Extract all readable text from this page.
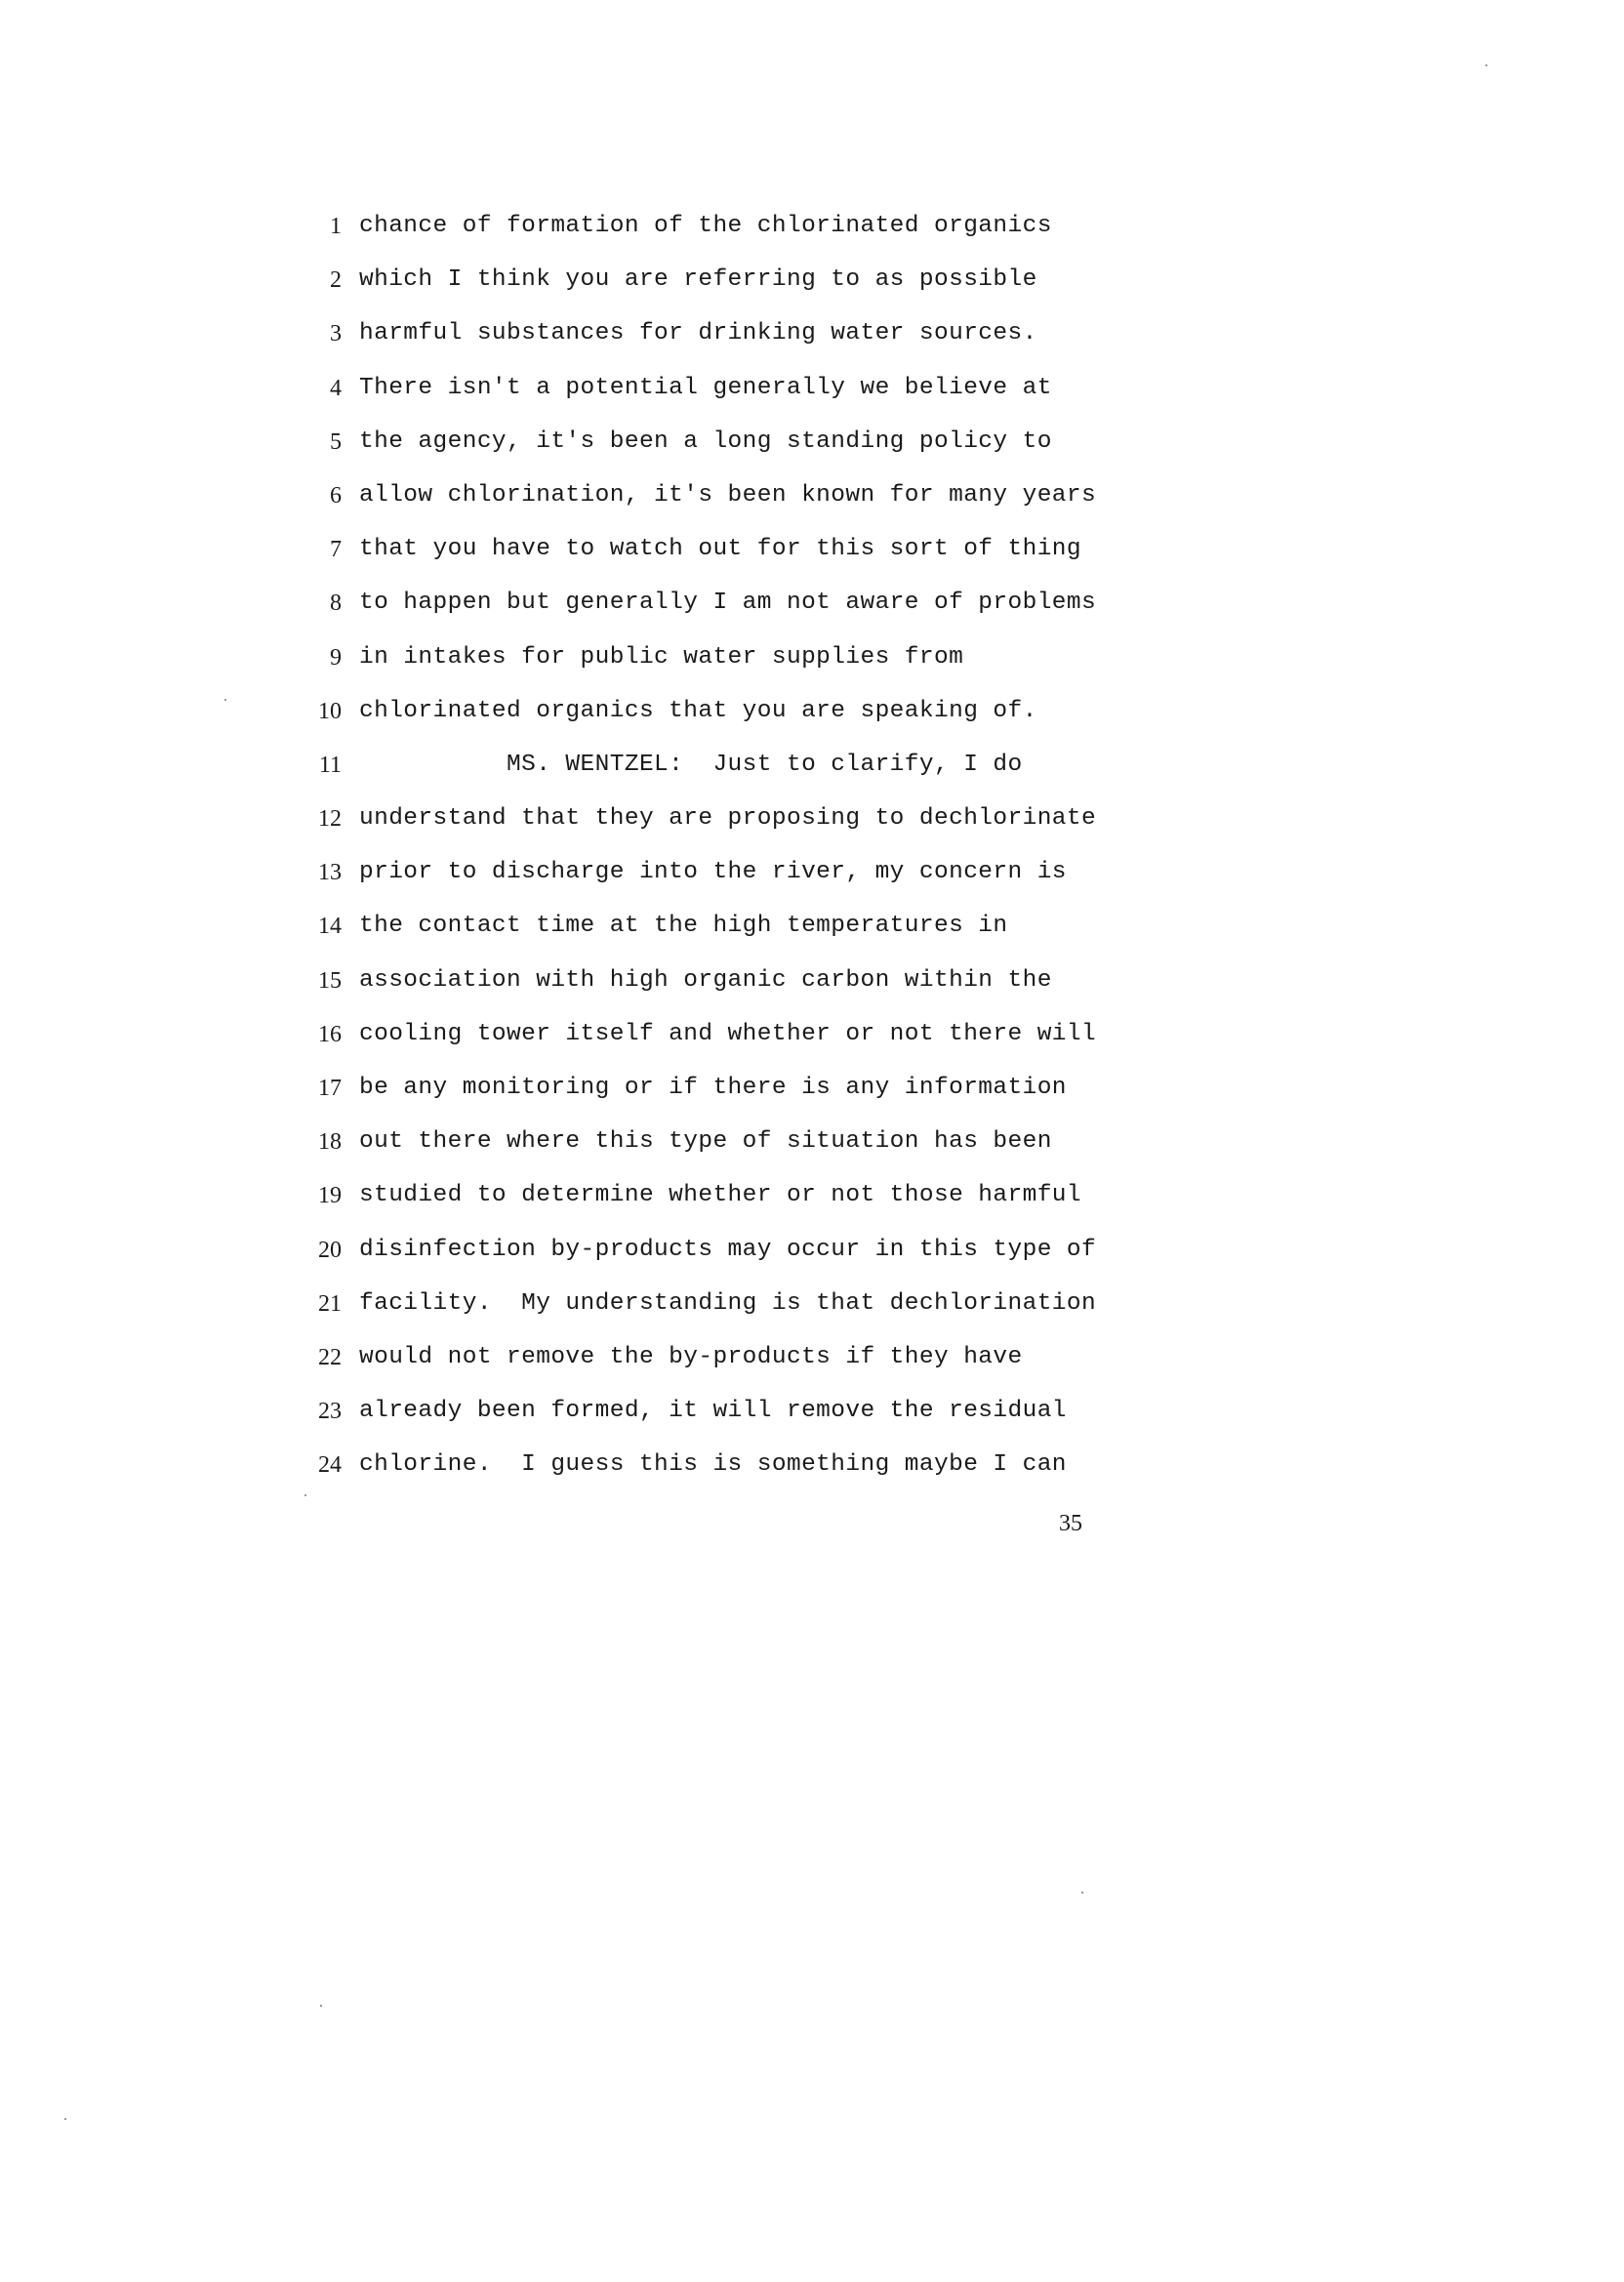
1

chance of formation of the chlorinated organics

2

which I think you are referring to as possible

3

harmful substances for drinking water sources.

4

There isn't a potential generally we believe at

5

the agency, it's been a long standing policy to

6

allow chlorination, it's been known for many years

7

that you have to watch out for this sort of thing

8

to happen but generally I am not aware of problems

9

in intakes for public water supplies from

10

chlorinated organics that you are speaking of.

11

MS. WENTZEL:  Just to clarify, I do

12

understand that they are proposing to dechlorinate

13

prior to discharge into the river, my concern is

14

the contact time at the high temperatures in

15

association with high organic carbon within the

16

cooling tower itself and whether or not there will

17

be any monitoring or if there is any information

18

out there where this type of situation has been

19

studied to determine whether or not those harmful

20

disinfection by-products may occur in this type of

21

facility.  My understanding is that dechlorination

22

would not remove the by-products if they have

23

already been formed, it will remove the residual

24

chlorine.  I guess this is something maybe I can

35
